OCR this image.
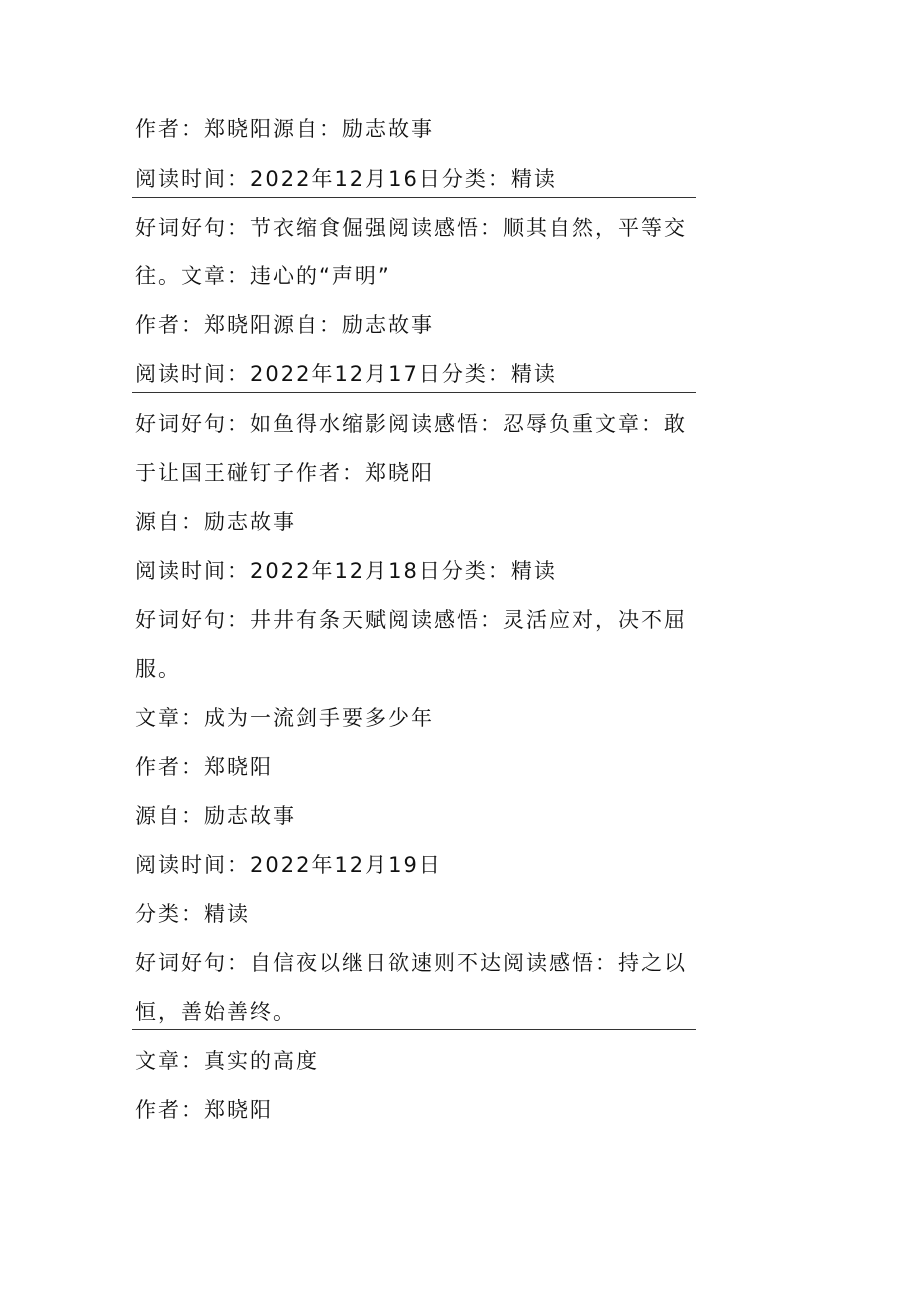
作者：郑晓阳源自：励志故事
阅读时间：2022年12月16日分类：精读
好词好句：节衣缩食倔强阅读感悟：顺其自然，平等交
往。文章：违心的“声明”
作者：郑晓阳源自：励志故事
阅读时间：2022年12月17日分类：精读
好词好句：如鱼得水缩影阅读感悟：忍辱负重文章：敢
于让国王碰钉子作者：郑晓阳
源自：励志故事
阅读时间：2022年12月18日分类：精读
好词好句：井井有条天赋阅读感悟：灵活应对，决不屈
服。
文章：成为一流剑手要多少年
作者：郑晓阳
源自：励志故事
阅读时间：2022年12月19日
分类：精读
好词好句：自信夜以继日欲速则不达阅读感悟：持之以
恒，善始善终。
文章：真实的高度
作者：郑晓阳
